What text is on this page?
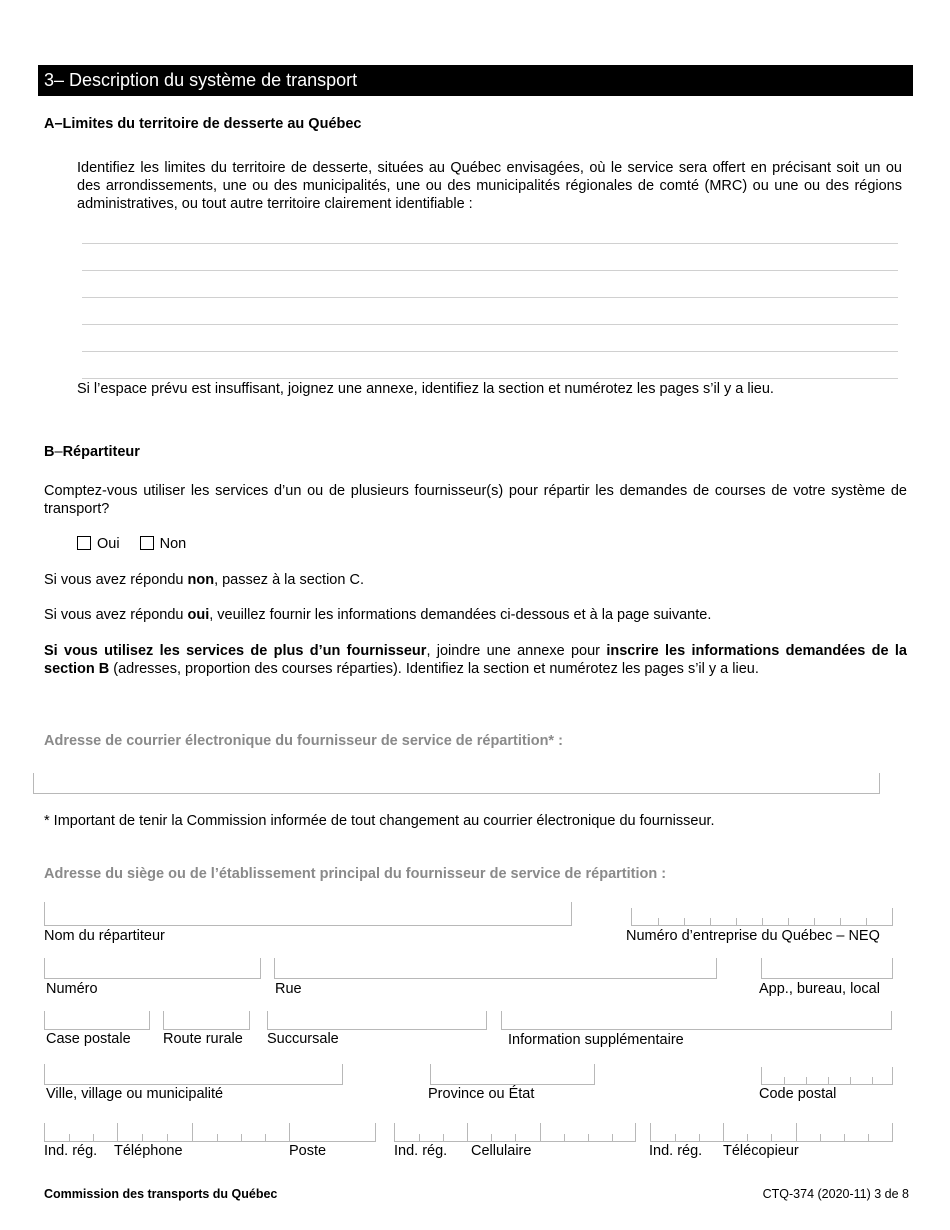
3– Description du système de transport
A–Limites du territoire de desserte au Québec
Identifiez les limites du territoire de desserte, situées au Québec envisagées, où le service sera offert en précisant soit un ou des arrondissements, une ou des municipalités, une ou des municipalités régionales de comté (MRC) ou une ou des régions administratives, ou tout autre territoire clairement identifiable :
Si l’espace prévu est insuffisant, joignez une annexe, identifiez la section et numérotez les pages s’il y a lieu.
B–Répartiteur
Comptez-vous utiliser les services d’un ou de plusieurs fournisseur(s) pour répartir les demandes de courses de votre système de transport?
Oui	Non
Si vous avez répondu non, passez à la section C.
Si vous avez répondu oui, veuillez fournir les informations demandées ci-dessous et à la page suivante.
Si vous utilisez les services de plus d’un fournisseur, joindre une annexe pour inscrire les informations demandées de la section B (adresses, proportion des courses réparties). Identifiez la section et numérotez les pages s’il y a lieu.
Adresse de courrier électronique du fournisseur de service de répartition* :
* Important de tenir la Commission informée de tout changement au courrier électronique du fournisseur.
Adresse du siège ou de l’établissement principal du fournisseur de service de répartition :
Nom du répartiteur	Numéro d’entreprise du Québec – NEQ
Numéro	Rue	App., bureau, local
Case postale Route rurale Succursale	Information supplémentaire
Ville, village ou municipalité	Province ou État	Code postal
Ind. rég. Téléphone	Poste	Ind. rég. Cellulaire	Ind. rég. Télécopieur
Commission des transports du Québec	CTQ-374 (2020-11) 3 de 8
